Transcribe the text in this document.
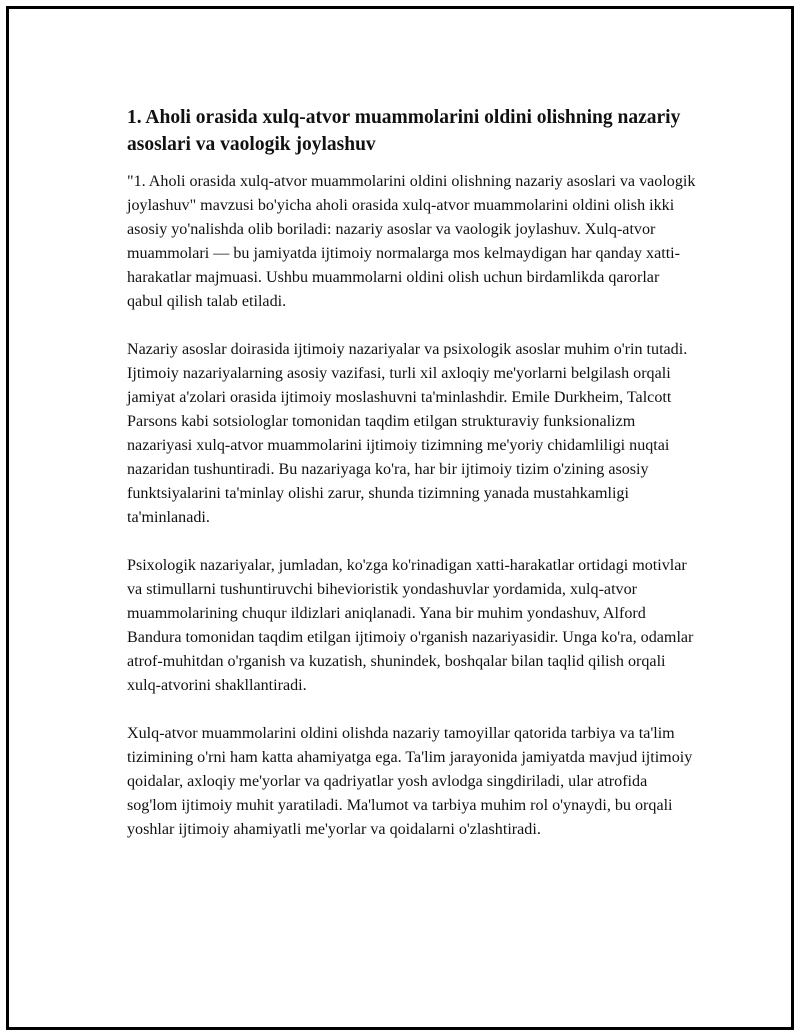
1. Aholi orasida xulq-atvor muammolarini oldini olishning nazariy asoslari va vaologik joylashuv

"1. Aholi orasida xulq-atvor muammolarini oldini olishning nazariy asoslari va vaologik joylashuv" mavzusi bo'yicha aholi orasida xulq-atvor muammolarini oldini olish ikki asosiy yo'nalishda olib boriladi: nazariy asoslar va vaologik joylashuv. Xulq-atvor muammolari — bu jamiyatda ijtimoiy normalarga mos kelmaydigan har qanday xatti-harakatlar majmuasi. Ushbu muammolarni oldini olish uchun birdamlikda qarorlar qabul qilish talab etiladi.

Nazariy asoslar doirasida ijtimoiy nazariyalar va psixologik asoslar muhim o'rin tutadi. Ijtimoiy nazariyalarning asosiy vazifasi, turli xil axloqiy me'yorlarni belgilash orqali jamiyat a'zolari orasida ijtimoiy moslashuvni ta'minlashdir. Emile Durkheim, Talcott Parsons kabi sotsiologlar tomonidan taqdim etilgan strukturaviy funksionalizm nazariyasi xulq-atvor muammolarini ijtimoiy tizimning me'yoriy chidamliligi nuqtai nazaridan tushuntiradi. Bu nazariyaga ko'ra, har bir ijtimoiy tizim o'zining asosiy funktsiyalarini ta'minlay olishi zarur, shunda tizimning yanada mustahkamligi ta'minlanadi.

Psixologik nazariyalar, jumladan, ko'zga ko'rinadigan xatti-harakatlar ortidagi motivlar va stimullarni tushuntiruvchi bihevioristik yondashuvlar yordamida, xulq-atvor muammolarining chuqur ildizlari aniqlanadi. Yana bir muhim yondashuv, Alford Bandura tomonidan taqdim etilgan ijtimoiy o'rganish nazariyasidir. Unga ko'ra, odamlar atrof-muhitdan o'rganish va kuzatish, shunindek, boshqalar bilan taqlid qilish orqali xulq-atvorini shakllantiradi.

Xulq-atvor muammolarini oldini olishda nazariy tamoyillar qatorida tarbiya va ta'lim tizimining o'rni ham katta ahamiyatga ega. Ta'lim jarayonida jamiyatda mavjud ijtimoiy qoidalar, axloqiy me'yorlar va qadriyatlar yosh avlodga singdiriladi, ular atrofida sog'lom ijtimoiy muhit yaratiladi. Ma'lumot va tarbiya muhim rol o'ynaydi, bu orqali yoshlar ijtimoiy ahamiyatli me'yorlar va qoidalarni o'zlashtiradi.
